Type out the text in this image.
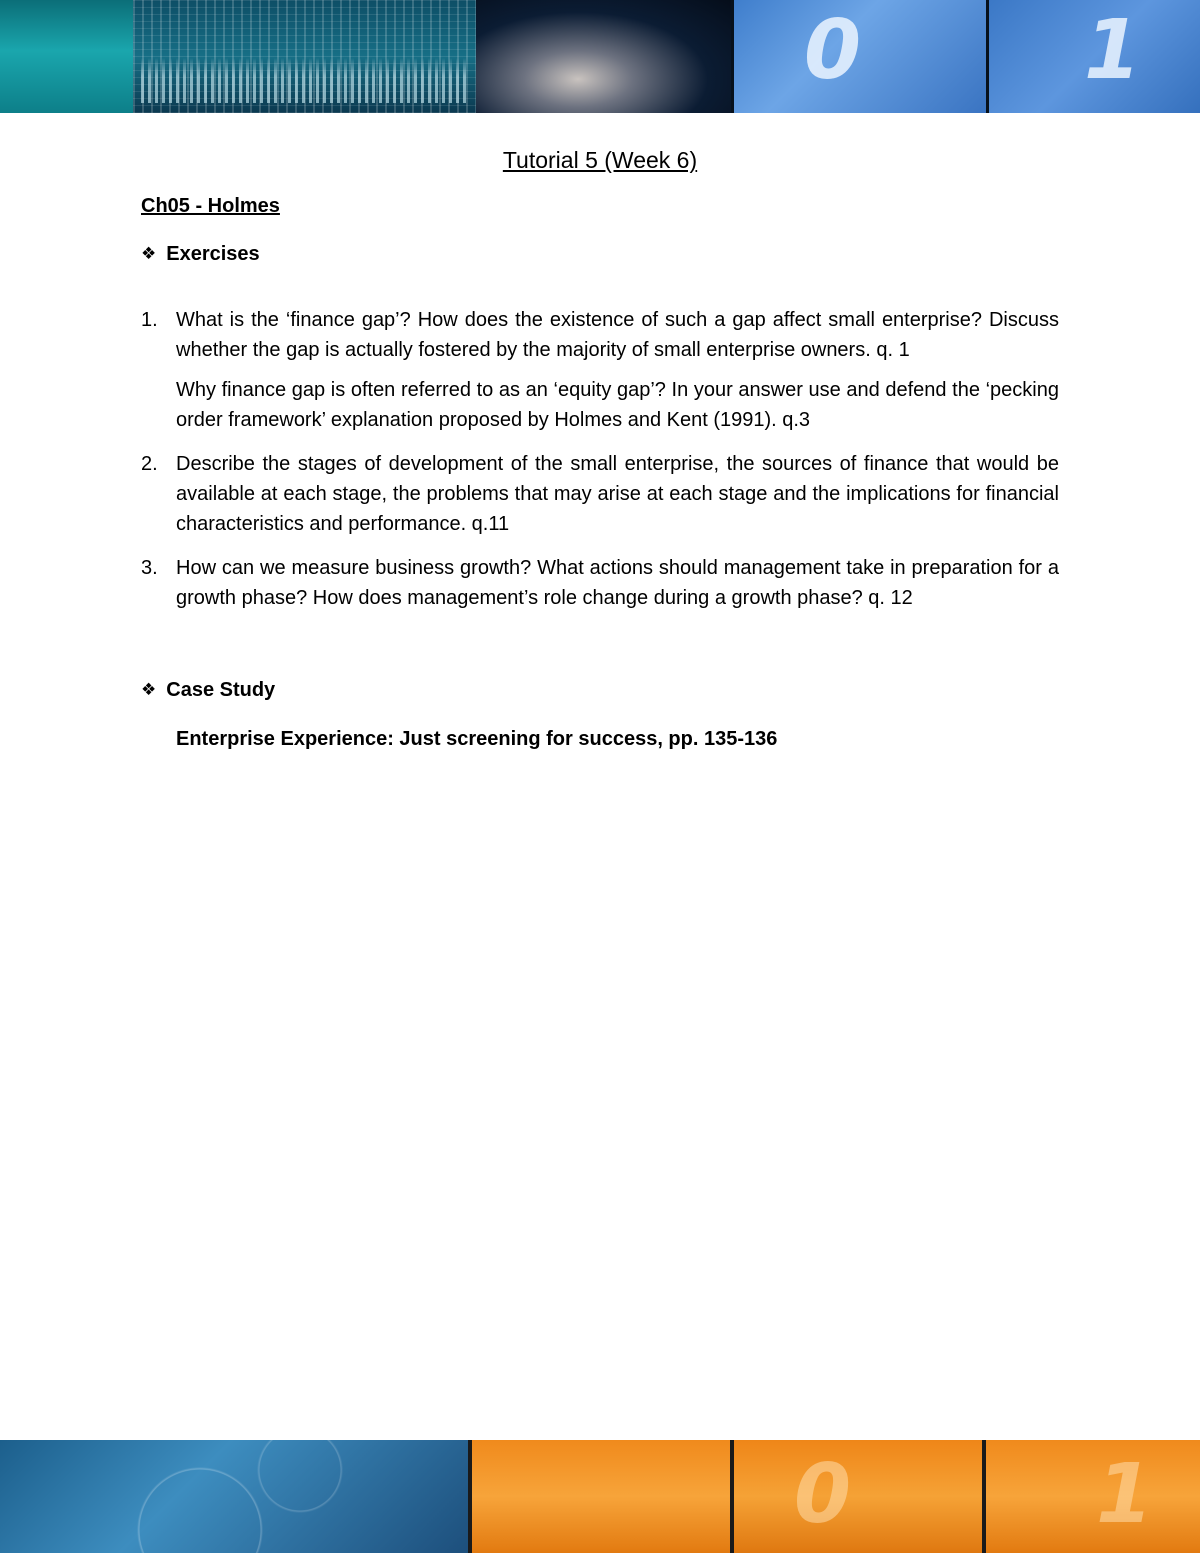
0	1
Tutorial 5 (Week 6)
Ch05 - Holmes
❖ Exercises
1. What is the ‘finance gap’? How does the existence of such a gap affect small enterprise? Discuss whether the gap is actually fostered by the majority of small enterprise owners. q. 1
Why finance gap is often referred to as an ‘equity gap’? In your answer use and defend the ‘pecking order framework’ explanation proposed by Holmes and Kent (1991). q.3
2. Describe the stages of development of the small enterprise, the sources of finance that would be available at each stage, the problems that may arise at each stage and the implications for financial characteristics and performance. q.11
3. How can we measure business growth? What actions should management take in preparation for a growth phase? How does management’s role change during a growth phase? q. 12
❖ Case Study
Enterprise Experience: Just screening for success, pp. 135-136
0	1
